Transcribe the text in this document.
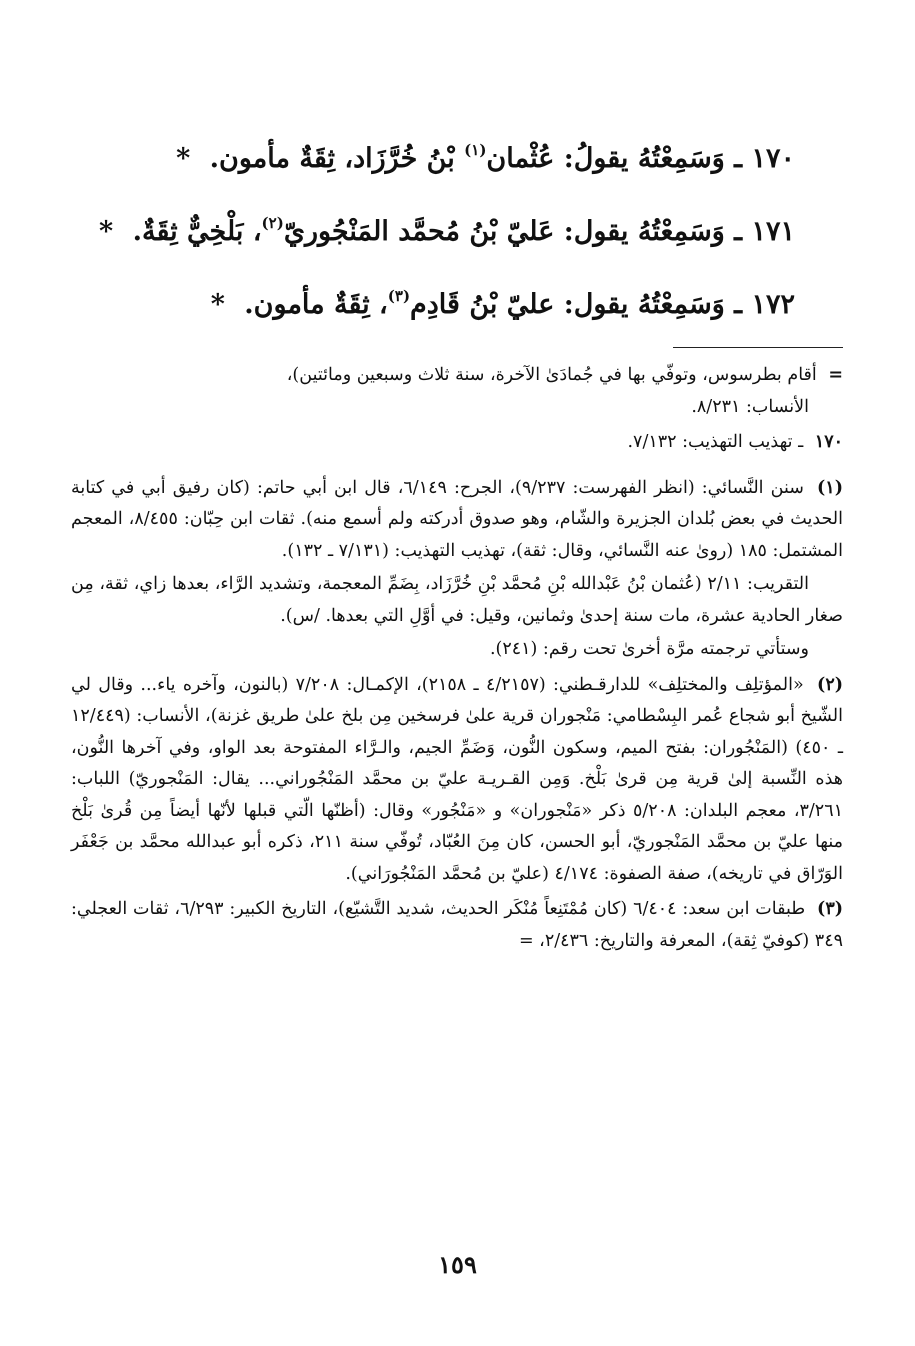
١٧٠ ـ وَسَمِعْتُهُ يقولُ: عُثْمان$^{(١)}$ بْنُ خُرَّزَاد، ثِقَةٌ مأمون. *
١٧١ ـ وَسَمِعْتُهُ يقول: عَليّ بْنُ مُحمَّد المَنْجُوريّ$^{(٢)}$، بَلْخِيٌّ ثِقَةٌ. *
١٧٢ ـ وَسَمِعْتُهُ يقول: عليّ بْنُ قَادِم$^{(٣)}$، ثِقَةٌ مأمون. *
= أقام بطرسوس، وتوفّي بها في جُمادَىٰ الآخرة، سنة ثلاث وسبعين ومائتين)،
الأنساب: ٨/٢٣١.
١٧٠ ـ تهذيب التهذيب: ٧/١٣٢.
(١) سنن النَّسائي: (انظر الفهرست: ٩/٢٣٧)، الجرح: ٦/١٤٩، قال ابن أبي حاتم: (كان رفيق أبي في كتابة الحديث في بعض بُلدان الجزيرة والشّام، وهو صدوق أدركته ولم أسمع منه). ثقات ابن حِبّان: ٨/٤٥٥، المعجم المشتمل: ١٨٥ (روىٰ عنه النَّسائي، وقال: ثقة)، تهذيب التهذيب: (٧/١٣١ ـ ١٣٢).
التقريب: ٢/١١ (عُثمان بْنُ عَبْدالله بْنِ مُحمَّد بْنِ خُرَّزَاد، بِضَمِّ المعجمة، وتشديد الرَّاء، بعدها زاي، ثقة، مِن صغار الحادية عشرة، مات سنة إحدىٰ وثمانين، وقيل: في أوَّلِ التي بعدها. /س).
وستأتي ترجمته مرَّة أخرىٰ تحت رقم: (٢٤١).
(٢) «المؤتلِف والمختلِف» للدارقـطني: (٤/٢١٥٧ ـ ٢١٥٨)، الإكمـال: ٧/٢٠٨ (بالنون، وآخره ياء... وقال لي الشّيخ أبو شجاع عُمر البِسْطامي: مَنْجوران قرية علىٰ فرسخين مِن بلخ علىٰ طريق غزنة)، الأنساب: (١٢/٤٤٩ ـ ٤٥٠) (المَنْجُوران: بفتح الميم، وسكون النُّون، وَضَمِّ الجيم، والـرَّاء المفتوحة بعد الواو، وفي آخرها النُّون، هذه النِّسبة إلىٰ قرية مِن قرىٰ بَلْخ. وَمِن القـريـة عليّ بن محمَّد المَنْجُوراني... يقال: المَنْجوريّ) اللباب: ٣/٢٦١، معجم البلدان: ٥/٢٠٨ ذكر «مَنْجوران» و «مَنْجُور» وقال: (أظنّها الّتي قبلها لأنّها أيضاً مِن قُرىٰ بَلْخ منها عليّ بن محمَّد المَنْجوريّ، أبو الحسن، كان مِنَ العُبّاد، تُوفّي سنة ٢١١، ذكره أبو عبدالله محمَّد بن جَعْفَر الوَرّاق في تاريخه)، صفة الصفوة: ٤/١٧٤ (عليّ بن مُحمَّد المَنْجُورَاني).
(٣) طبقات ابن سعد: ٦/٤٠٤ (كان مُمْتَنِعاً مُنْكَر الحديث، شديد التَّشيّع)، التاريخ الكبير: ٦/٢٩٣، ثقات العجلي: ٣٤٩ (كوفيّ ثِقة)، المعرفة والتاريخ: ٢/٤٣٦، =
١٥٩
